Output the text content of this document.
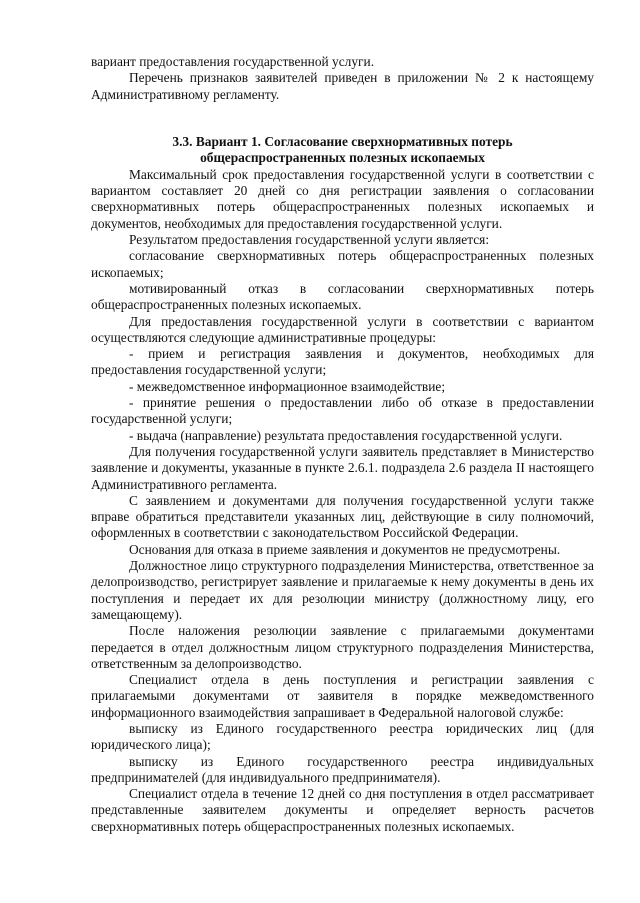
вариант предоставления государственной услуги.

Перечень признаков заявителей приведен в приложении № 2 к настоящему Административному регламенту.

3.3. Вариант 1. Согласование сверхнормативных потерь
общераспространенных полезных ископаемых

Максимальный срок предоставления государственной услуги в соответствии с вариантом составляет 20 дней со дня регистрации заявления о согласовании сверхнормативных потерь общераспространенных полезных ископаемых и документов, необходимых для предоставления государственной услуги.

Результатом предоставления государственной услуги является:

согласование сверхнормативных потерь общераспространенных полезных ископаемых;

мотивированный отказ в согласовании сверхнормативных потерь общераспространенных полезных ископаемых.

Для предоставления государственной услуги в соответствии с вариантом осуществляются следующие административные процедуры:

- прием и регистрация заявления и документов, необходимых для предоставления государственной услуги;

- межведомственное информационное взаимодействие;

- принятие решения о предоставлении либо об отказе в предоставлении государственной услуги;

- выдача (направление) результата предоставления государственной услуги.

Для получения государственной услуги заявитель представляет в Министерство заявление и документы, указанные в пункте 2.6.1. подраздела 2.6 раздела II настоящего Административного регламента.

С заявлением и документами для получения государственной услуги также вправе обратиться представители указанных лиц, действующие в силу полномочий, оформленных в соответствии с законодательством Российской Федерации.

Основания для отказа в приеме заявления и документов не предусмотрены.

Должностное лицо структурного подразделения Министерства, ответственное за делопроизводство, регистрирует заявление и прилагаемые к нему документы в день их поступления и передает их для резолюции министру (должностному лицу, его замещающему).

После наложения резолюции заявление с прилагаемыми документами передается в отдел должностным лицом структурного подразделения Министерства, ответственным за делопроизводство.

Специалист отдела в день поступления и регистрации заявления с прилагаемыми документами от заявителя в порядке межведомственного информационного взаимодействия запрашивает в Федеральной налоговой службе:

выписку из Единого государственного реестра юридических лиц (для юридического лица);

выписку из Единого государственного реестра индивидуальных предпринимателей (для индивидуального предпринимателя).

Специалист отдела в течение 12 дней со дня поступления в отдел рассматривает представленные заявителем документы и определяет верность расчетов сверхнормативных потерь общераспространенных полезных ископаемых.
